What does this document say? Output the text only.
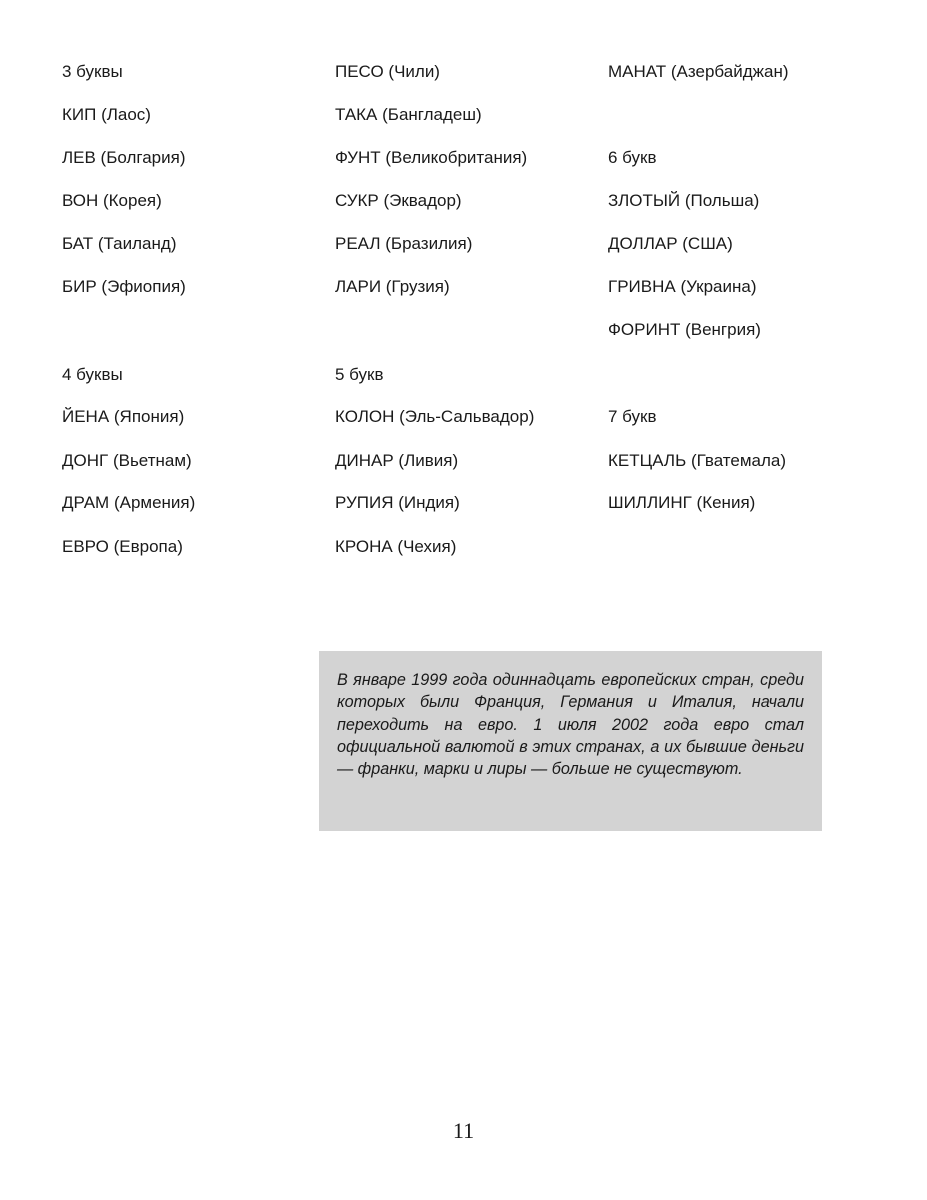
3 буквы
КИП (Лаос)
ЛЕВ (Болгария)
ВОН (Корея)
БАТ (Таиланд)
БИР (Эфиопия)
4 буквы
ЙЕНА (Япония)
ДОНГ (Вьетнам)
ДРАМ (Армения)
ЕВРО (Европа)
ПЕСО (Чили)
ТАКА (Бангладеш)
ФУНТ (Великобритания)
СУКР (Эквадор)
РЕАЛ (Бразилия)
ЛАРИ (Грузия)
5 букв
КОЛОН (Эль-Сальвадор)
ДИНАР (Ливия)
РУПИЯ (Индия)
КРОНА (Чехия)
МАНАТ (Азербайджан)
6 букв
ЗЛОТЫЙ (Польша)
ДОЛЛАР (США)
ГРИВНА (Украина)
ФОРИНТ (Венгрия)
7 букв
КЕТЦАЛЬ (Гватемала)
ШИЛЛИНГ (Кения)

В январе 1999 года одиннадцать европейских стран, среди которых были Франция, Германия и Италия, начали переходить на евро. 1 июля 2002 года евро стал официальной валютой в этих странах, а их бывшие деньги — франки, марки и лиры — больше не существуют.

11
